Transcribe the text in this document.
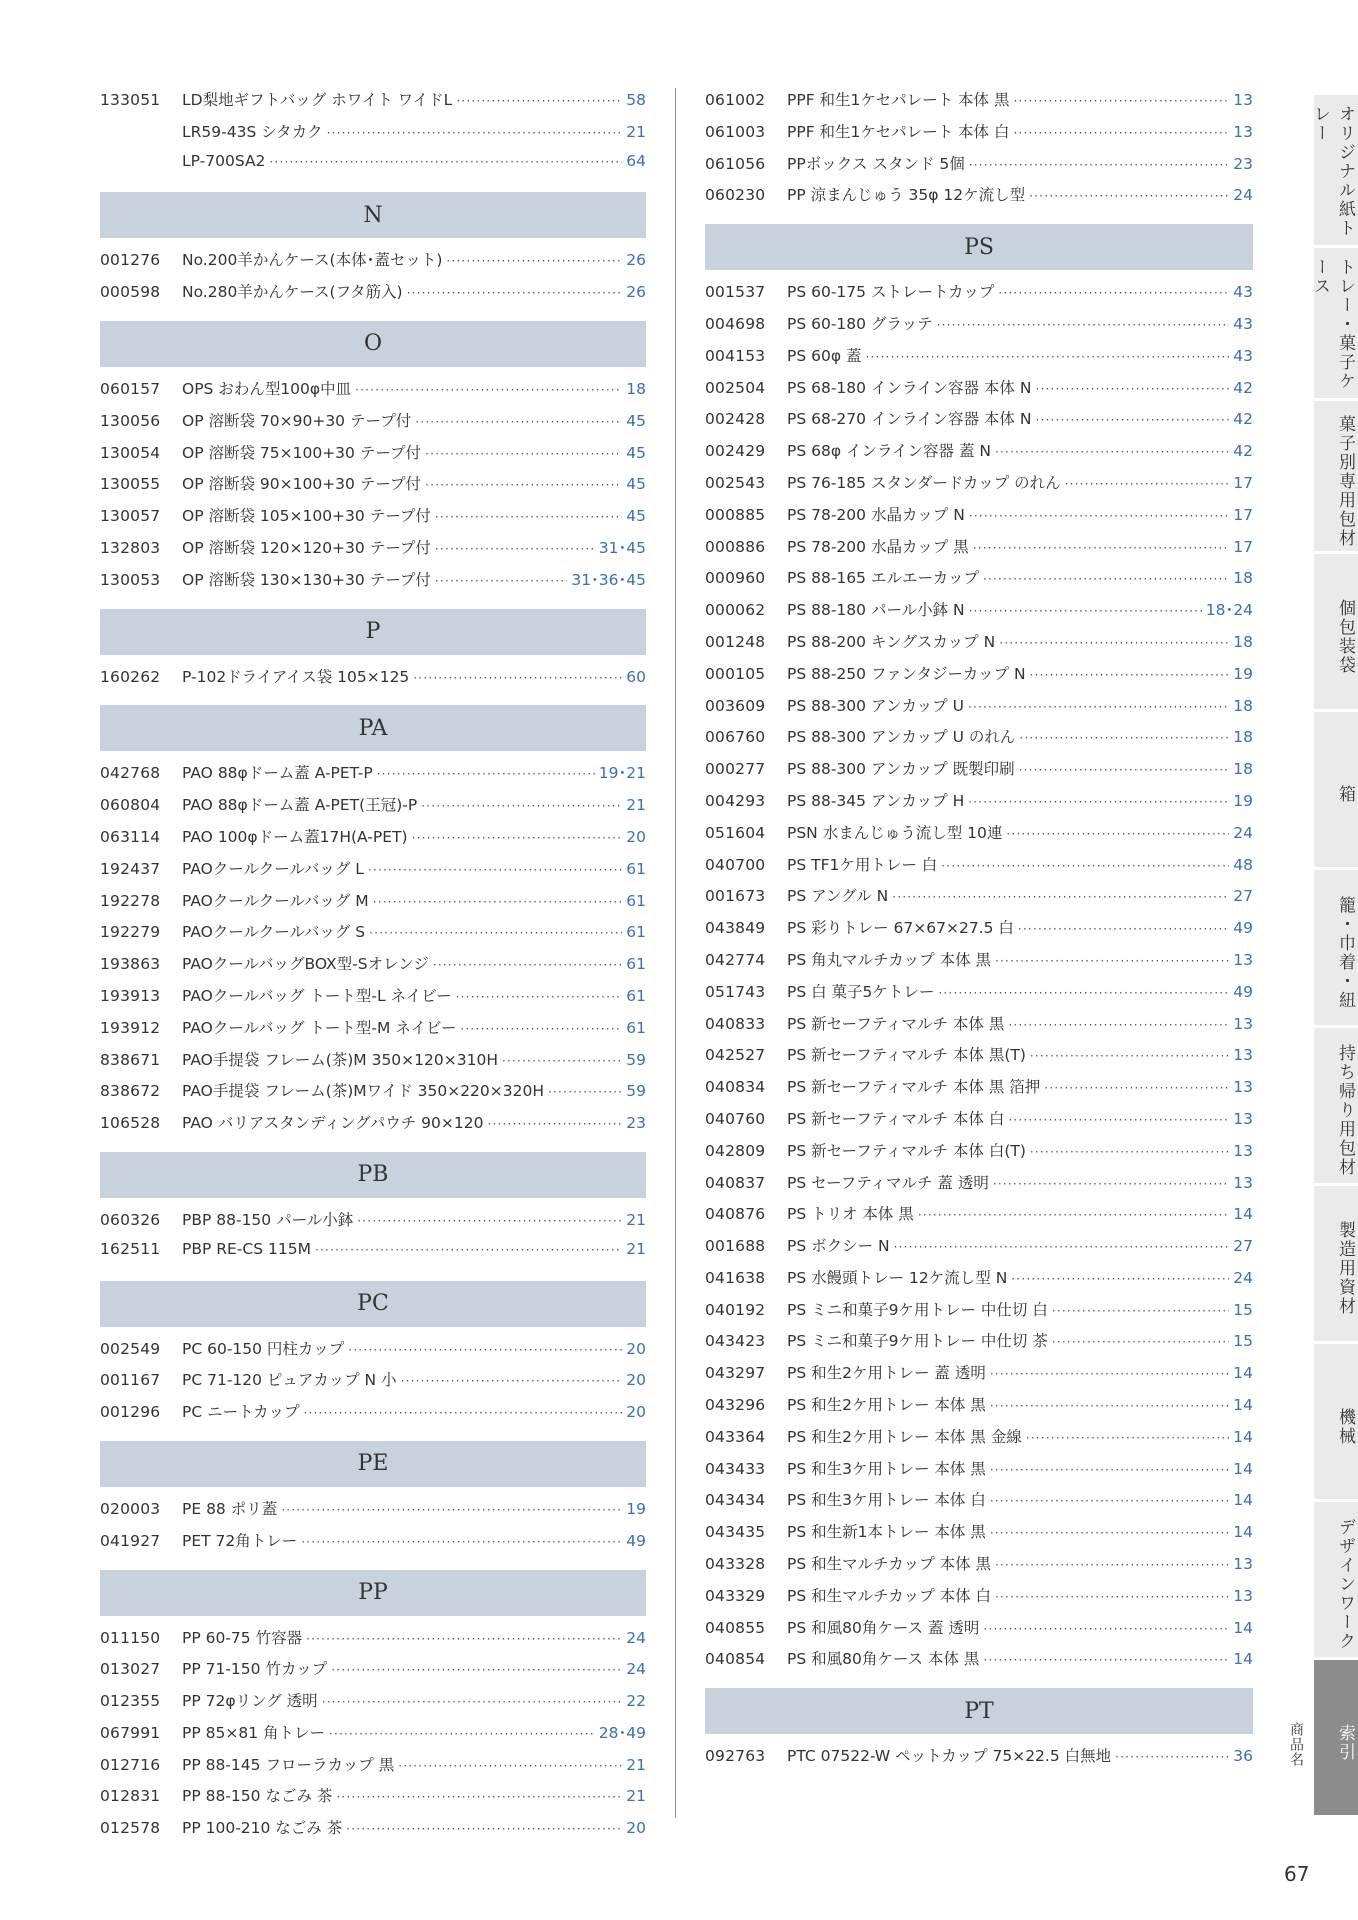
133051	LD梨地ギフトバッグ ホワイト ワイドL ·····	58
LR59-43S シタカク ·····	21
LP-700SA2 ·····	64
N
001276	No.200羊かんケース(本体･蓋セット) ·····	26
000598	No.280羊かんケース(フタ筋入) ·····	26
O
060157	OPS おわん型100φ中皿 ·····	18
130056	OP 溶断袋 70×90+30 テープ付 ·····	45
130054	OP 溶断袋 75×100+30 テープ付 ·····	45
130055	OP 溶断袋 90×100+30 テープ付 ·····	45
130057	OP 溶断袋 105×100+30 テープ付 ·····	45
132803	OP 溶断袋 120×120+30 テープ付 ·····	31･45
130053	OP 溶断袋 130×130+30 テープ付 ·····	31･36･45
P
160262	P-102ドライアイス袋 105×125 ·····	60
PA
042768	PAO 88φドーム蓋 A-PET-P ·····	19･21
060804	PAO 88φドーム蓋 A-PET(王冠)-P ·····	21
063114	PAO 100φドーム蓋17H(A-PET) ·····	20
192437	PAOクールクールバッグ L ·····	61
192278	PAOクールクールバッグ M ·····	61
192279	PAOクールクールバッグ S ·····	61
193863	PAOクールバッグBOX型-Sオレンジ ·····	61
193913	PAOクールバッグ トート型-L ネイビー ·····	61
193912	PAOクールバッグ トート型-M ネイビー ·····	61
838671	PAO手提袋 フレーム(茶)M 350×120×310H ·····	59
838672	PAO手提袋 フレーム(茶)Mワイド 350×220×320H ·····	59
106528	PAO バリアスタンディングパウチ 90×120 ·····	23
PB
060326	PBP 88-150 パール小鉢 ·····	21
162511	PBP RE-CS 115M ·····	21
PC
002549	PC 60-150 円柱カップ ·····	20
001167	PC 71-120 ピュアカップ N 小 ·····	20
001296	PC ニートカップ ·····	20
PE
020003	PE 88 ポリ蓋 ·····	19
041927	PET 72角トレー ·····	49
PP
011150	PP 60-75 竹容器 ·····	24
013027	PP 71-150 竹カップ ·····	24
012355	PP 72φリング 透明 ·····	22
067991	PP 85×81 角トレー ·····	28･49
012716	PP 88-145 フローラカップ 黒 ·····	21
012831	PP 88-150 なごみ 茶 ·····	21
012578	PP 100-210 なごみ 茶 ·····	20
061002	PPF 和生1ケセパレート 本体 黒 ·····	13
061003	PPF 和生1ケセパレート 本体 白 ·····	13
061056	PPボックス スタンド 5個 ·····	23
060230	PP 涼まんじゅう 35φ 12ケ流し型 ·····	24
PS
001537	PS 60-175 ストレートカップ ·····	43
004698	PS 60-180 グラッテ ·····	43
004153	PS 60φ 蓋 ·····	43
002504	PS 68-180 インライン容器 本体 N ·····	42
002428	PS 68-270 インライン容器 本体 N ·····	42
002429	PS 68φ インライン容器 蓋 N ·····	42
002543	PS 76-185 スタンダードカップ のれん ·····	17
000885	PS 78-200 水晶カップ N ·····	17
000886	PS 78-200 水晶カップ 黒 ·····	17
000960	PS 88-165 エルエーカップ ·····	18
000062	PS 88-180 パール小鉢 N ·····	18･24
001248	PS 88-200 キングスカップ N ·····	18
000105	PS 88-250 ファンタジーカップ N ·····	19
003609	PS 88-300 アンカップ U ·····	18
006760	PS 88-300 アンカップ U のれん ·····	18
000277	PS 88-300 アンカップ 既製印刷 ·····	18
004293	PS 88-345 アンカップ H ·····	19
051604	PSN 水まんじゅう流し型 10連 ·····	24
040700	PS TF1ケ用トレー 白 ·····	48
001673	PS アングル N ·····	27
043849	PS 彩りトレー 67×67×27.5 白 ·····	49
042774	PS 角丸マルチカップ 本体 黒 ·····	13
051743	PS 白 菓子5ケトレー ·····	49
040833	PS 新セーフティマルチ 本体 黒 ·····	13
042527	PS 新セーフティマルチ 本体 黒(T) ·····	13
040834	PS 新セーフティマルチ 本体 黒 箔押 ·····	13
040760	PS 新セーフティマルチ 本体 白 ·····	13
042809	PS 新セーフティマルチ 本体 白(T) ·····	13
040837	PS セーフティマルチ 蓋 透明 ·····	13
040876	PS トリオ 本体 黒 ·····	14
001688	PS ボクシー N ·····	27
041638	PS 水饅頭トレー 12ケ流し型 N ·····	24
040192	PS ミニ和菓子9ケ用トレー 中仕切 白 ·····	15
043423	PS ミニ和菓子9ケ用トレー 中仕切 茶 ·····	15
043297	PS 和生2ケ用トレー 蓋 透明 ·····	14
043296	PS 和生2ケ用トレー 本体 黒 ·····	14
043364	PS 和生2ケ用トレー 本体 黒 金線 ·····	14
043433	PS 和生3ケ用トレー 本体 黒 ·····	14
043434	PS 和生3ケ用トレー 本体 白 ·····	14
043435	PS 和生新1本トレー 本体 黒 ·····	14
043328	PS 和生マルチカップ 本体 黒 ·····	13
043329	PS 和生マルチカップ 本体 白 ·····	13
040855	PS 和風80角ケース 蓋 透明 ·····	14
040854	PS 和風80角ケース 本体 黒 ·····	14
PT
092763	PTC 07522-W ペットカップ 75×22.5 白無地 ·····	36
オリジナル紙トレー
トレー・菓子ケース
菓子別専用包材
個包装袋
箱
籠・巾着・紐
持ち帰り用包材
製造用資材
機械
デザインワーク
索引
商品名
67
